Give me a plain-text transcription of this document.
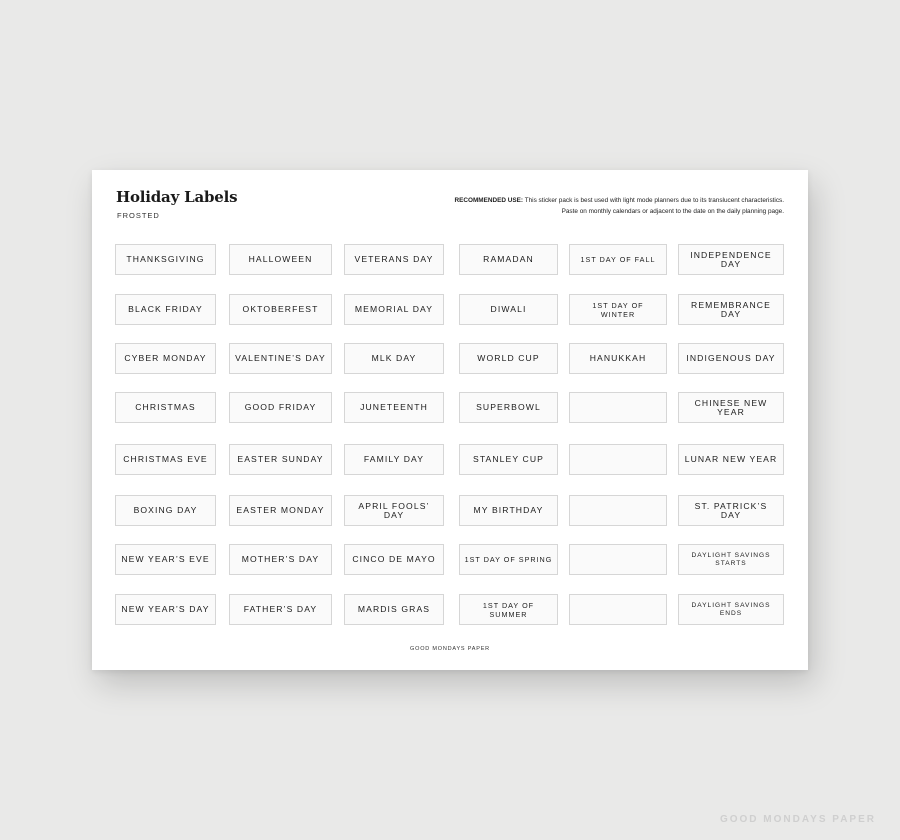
Holiday Labels
FROSTED
RECOMMENDED USE: This sticker pack is best used with light mode planners due to its translucent characteristics.
Paste on monthly calendars or adjacent to the date on the daily planning page.
THANKSGIVING
BLACK FRIDAY
CYBER MONDAY
CHRISTMAS
CHRISTMAS EVE
BOXING DAY
NEW YEAR’S EVE
NEW YEAR’S DAY
HALLOWEEN
OKTOBERFEST
VALENTINE’S DAY
GOOD FRIDAY
EASTER SUNDAY
EASTER MONDAY
MOTHER’S DAY
FATHER’S DAY
VETERANS DAY
MEMORIAL DAY
MLK DAY
JUNETEENTH
FAMILY DAY
APRIL FOOLS’ DAY
CINCO DE MAYO
MARDIS GRAS
RAMADAN
DIWALI
WORLD CUP
SUPERBOWL
STANLEY CUP
MY BIRTHDAY
1ST DAY OF SPRING
1ST DAY OF SUMMER
1ST DAY OF FALL
1ST DAY OF WINTER
HANUKKAH
INDEPENDENCE DAY
REMEMBRANCE DAY
INDIGENOUS DAY
CHINESE NEW YEAR
LUNAR NEW YEAR
ST. PATRICK’S DAY
DAYLIGHT SAVINGS STARTS
DAYLIGHT SAVINGS ENDS
GOOD MONDAYS PAPER
GOOD MONDAYS PAPER
